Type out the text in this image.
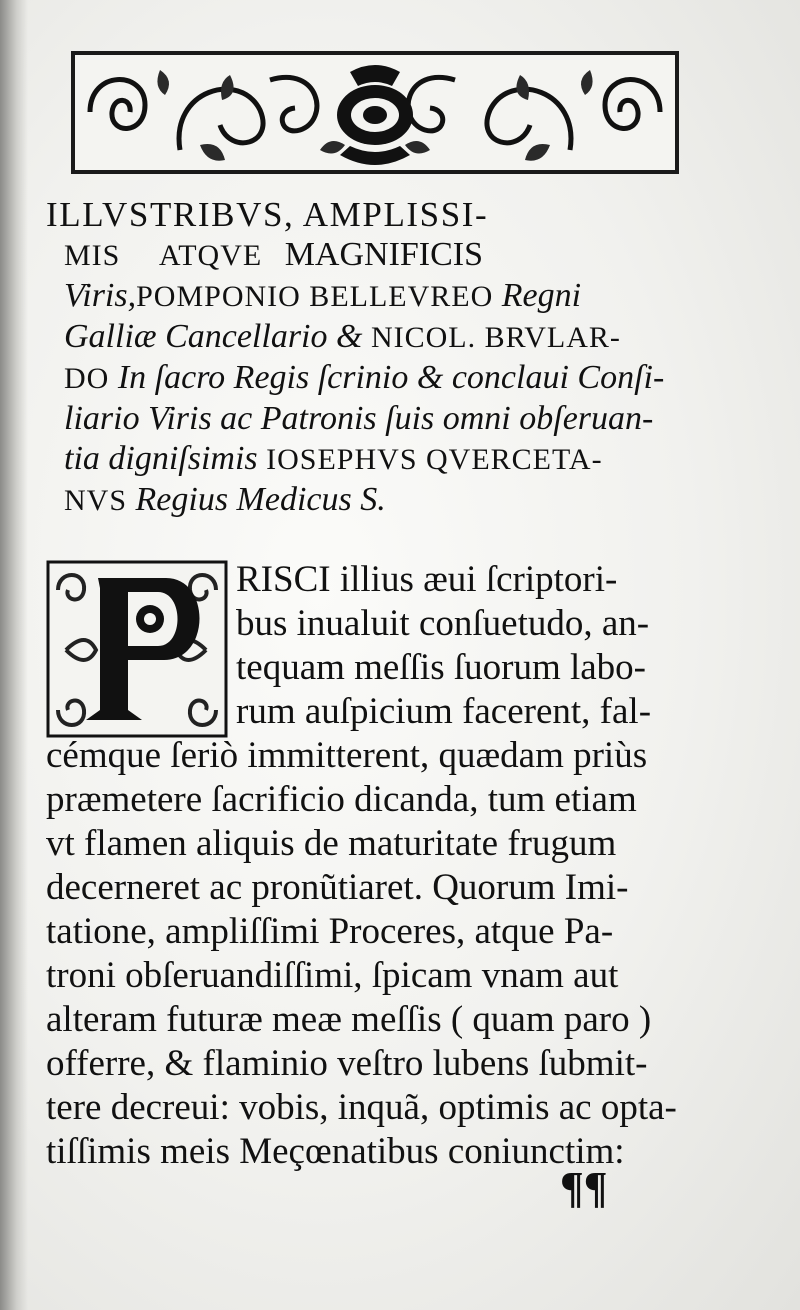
ILLVSTRIBVS, AMPLISSI-

MIS ATQVE MAGNIFICIS

Viris,POMPONIO BELLEVREO Regni

Galliæ Cancellario & NICOL. BRVLAR-

DO In ſacro Regis ſcrinio & conclaui Conſi-

liario Viris ac Patronis ſuis omni obſeruan-

tia digniſsimis IOSEPHVS QVERCETA-

NVS Regius Medicus S.

P	RISCI illius æui ſcriptori-

bus inualuit conſuetudo, an-

tequam meſſis ſuorum labo-

rum auſpicium facerent, fal-

cémque ſeriò immitterent, quædam priùs

præmetere ſacrificio dicanda, tum etiam

vt flamen aliquis de maturitate frugum

decerneret ac pronũtiaret. Quorum Imi-

tatione, ampliſſimi Proceres, atque Pa-

troni obſeruandiſſimi, ſpicam vnam aut

alteram futuræ meæ meſſis ( quam paro )

offerre, & flaminio veſtro lubens ſubmit-

tere decreui: vobis, inquã, optimis ac opta-

tiſſimis meis Meçœnatibus coniunctim:

¶¶
